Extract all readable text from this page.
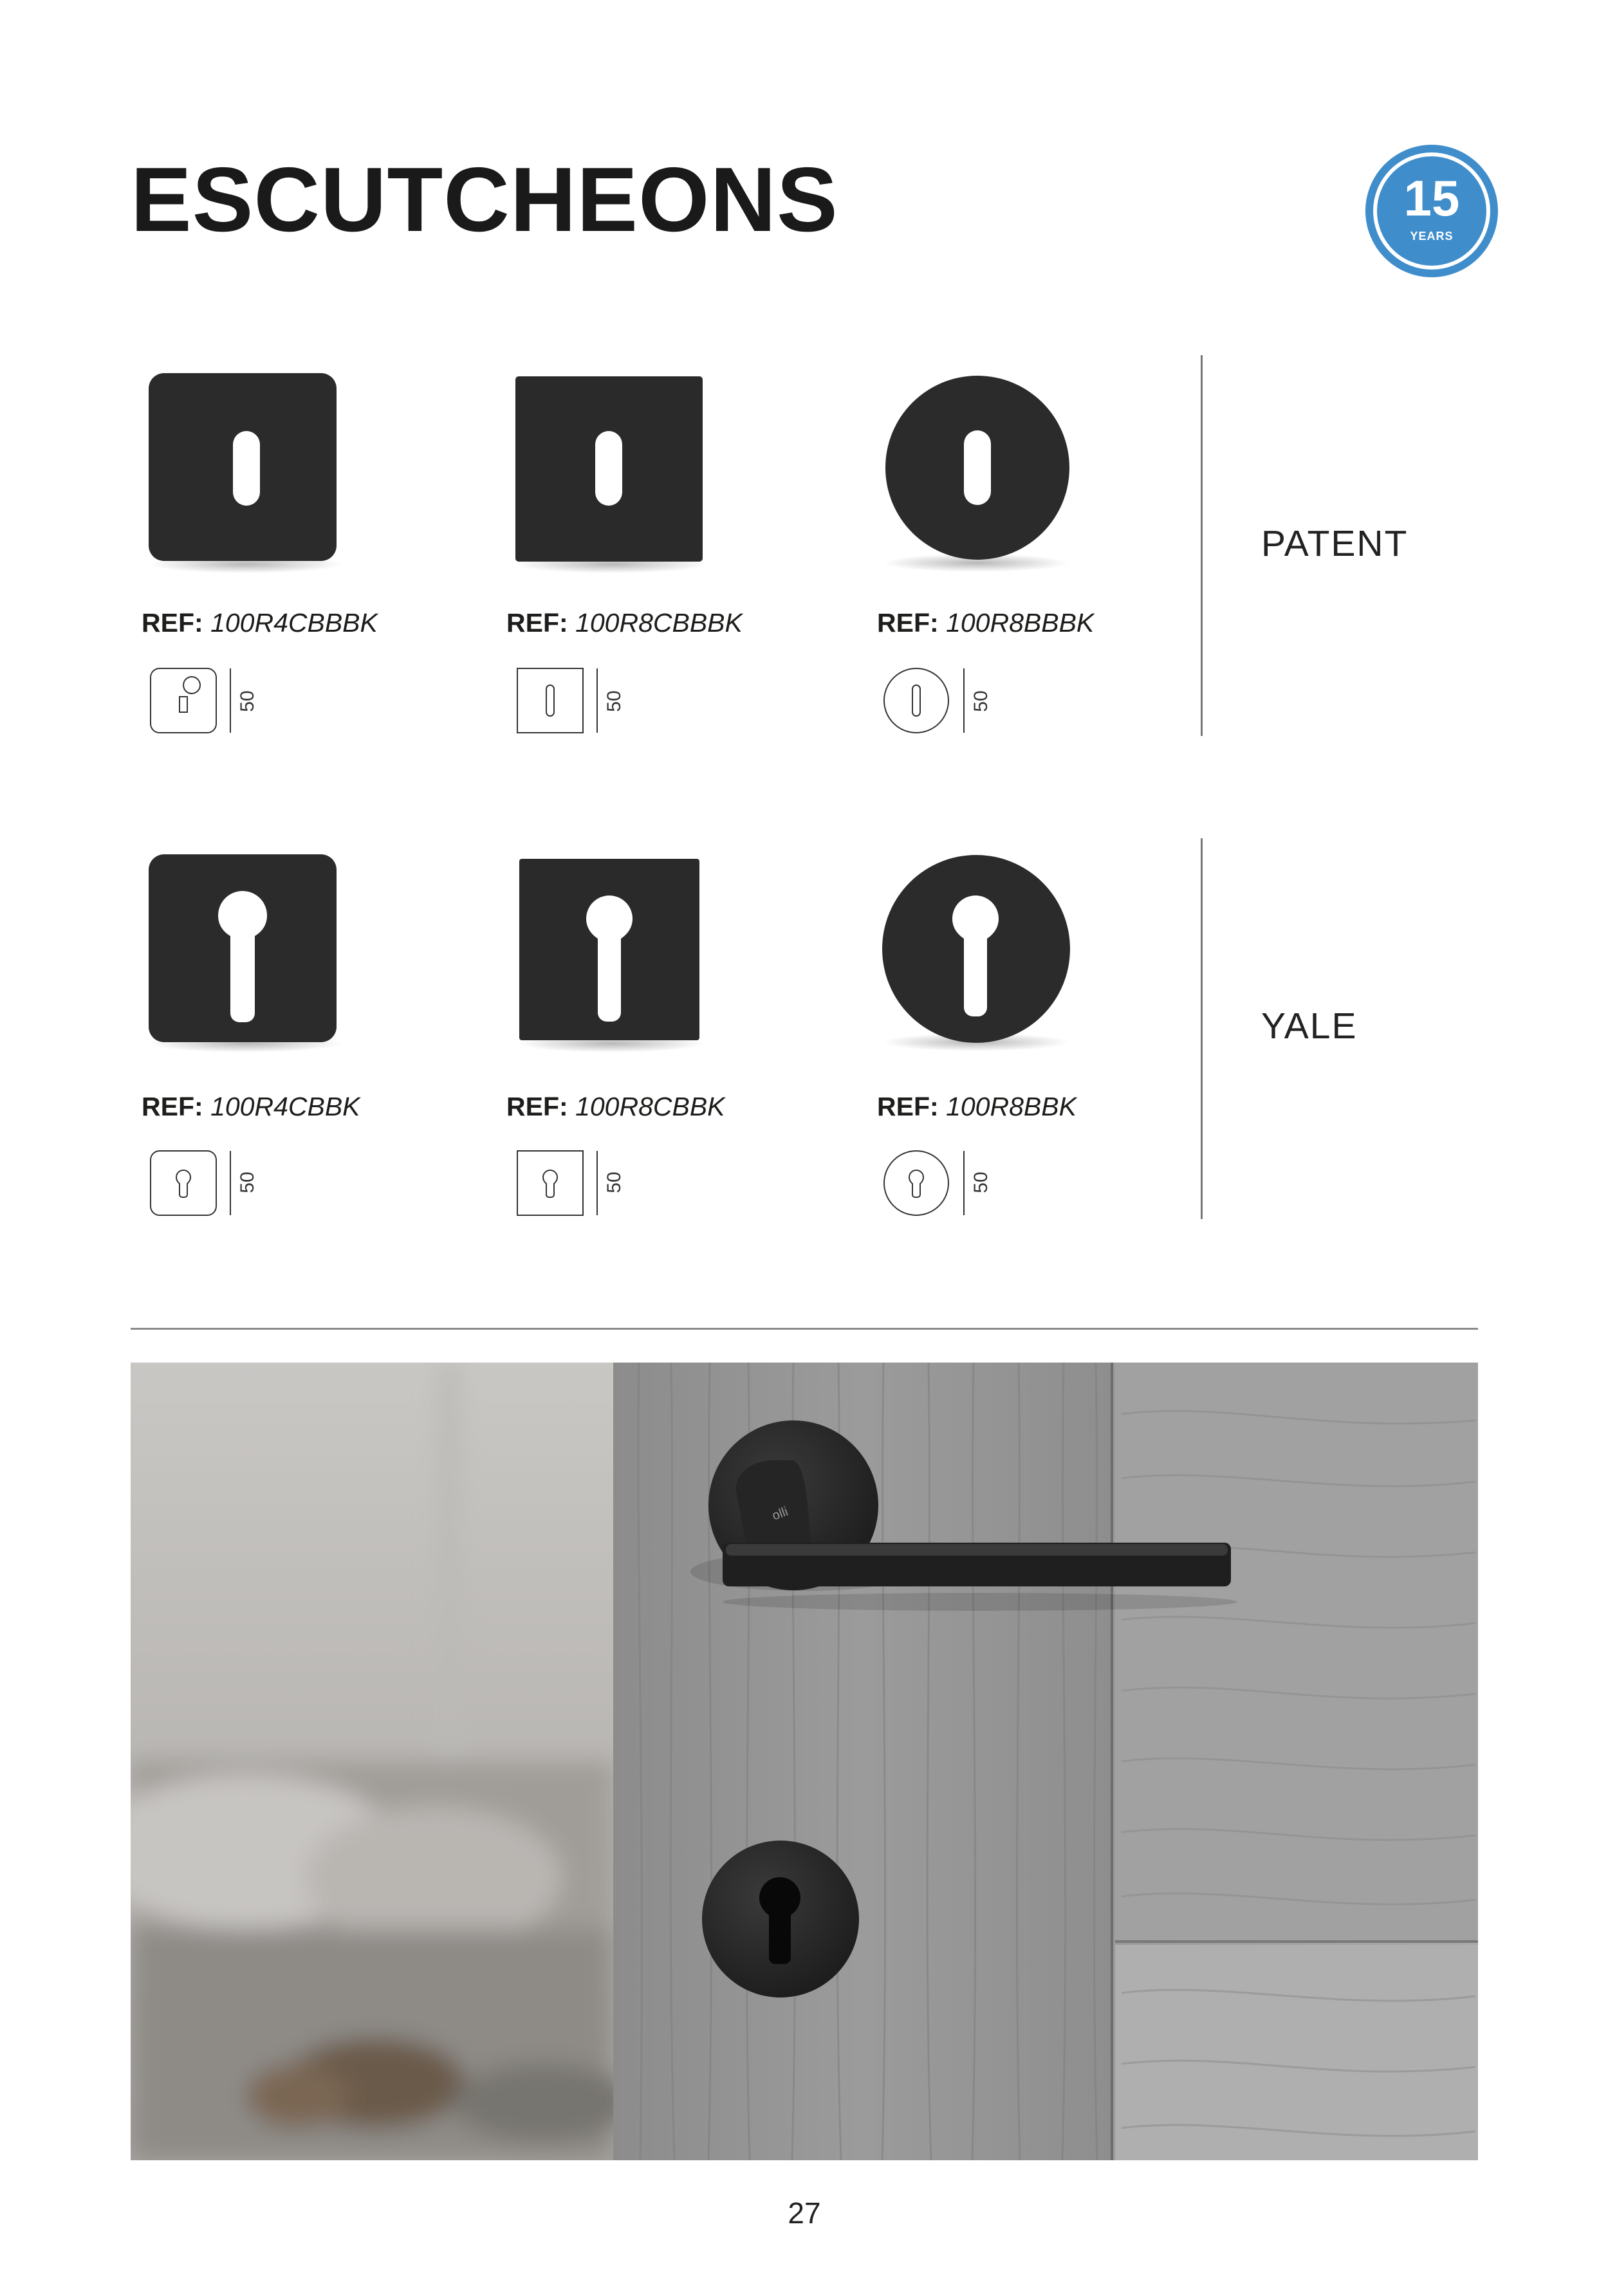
ESCUTCHEONS	15
YEARS
REF: 100R4CBBBK	REF: 100R8CBBBK	REF: 100R8BBBK
50	50	50
PATENT
REF: 100R4CBBK	REF: 100R8CBBK	REF: 100R8BBK
50	50	50
YALE
olli
27
